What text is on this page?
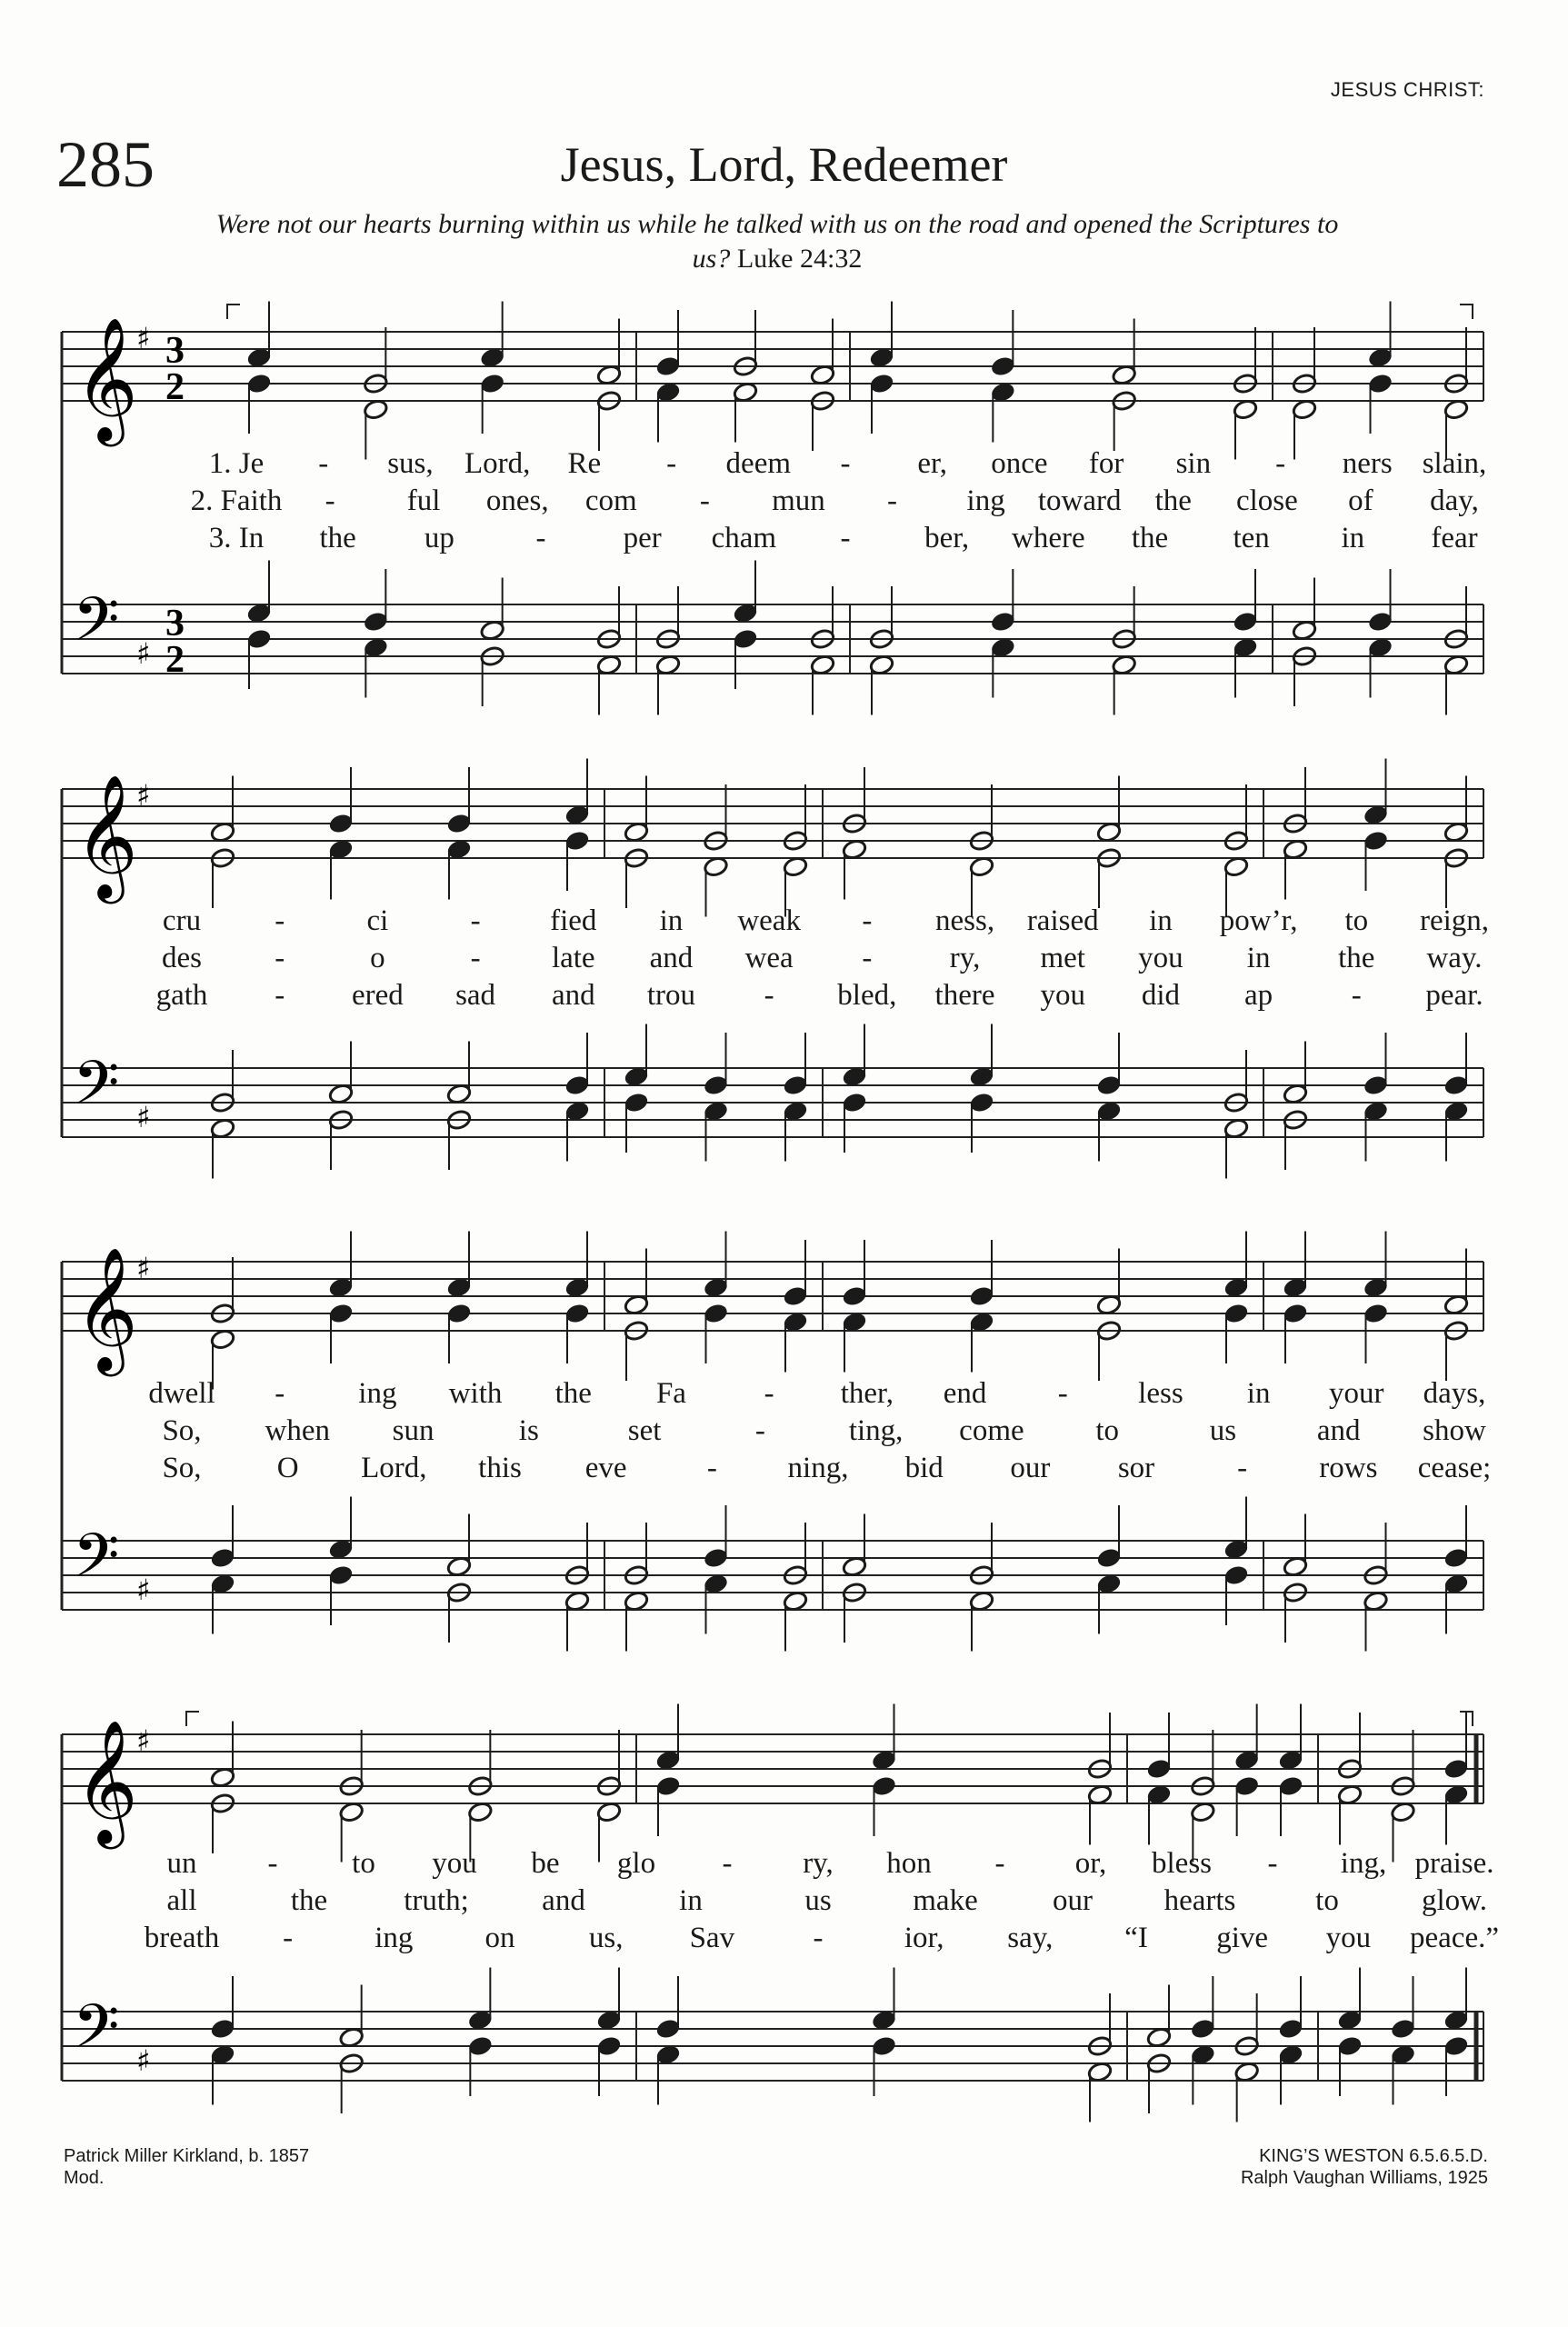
JESUS CHRIST:
285	Jesus, Lord, Redeemer
Were not our hearts burning within us while he talked with us on the road and opened the Scriptures to us? Luke 24:32
𝄞
𝄢
♯
♯
3
2
3
2
𝄞
𝄢
♯
♯
𝄞
𝄢
♯
♯
𝄞
𝄢
♯
♯
1. Je - sus, Lord, Re - deem - er, once for sin - ners slain,
2. Faith - ful ones, com - mun - ing toward the close of day,
3. In the up	-	per cham - ber, where the ten in fear
cru -	ci	- fied in weak - ness, raised in pow’r, to reign,
des -	o	- late and wea -	ry, met you in the way.
gath - ered sad and trou - bled, there you did ap	- pear.
dwell - ing with the Fa	- ther, end - less in your days,
So, when sun	is	set	-	ting, come to	us	and show
So,	O Lord, this eve	- ning, bid our sor	- rows cease;
un - to you be glo - ry, hon - or, bless - ing, praise.
all	the	truth; and	in	us	make our hearts	to	glow.
breath -	ing on us, Sav	-	ior, say, “I give you peace.”
Patrick Miller Kirkland, b. 1857
Mod.
KING’S WESTON 6.5.6.5.D.
Ralph Vaughan Williams, 1925
